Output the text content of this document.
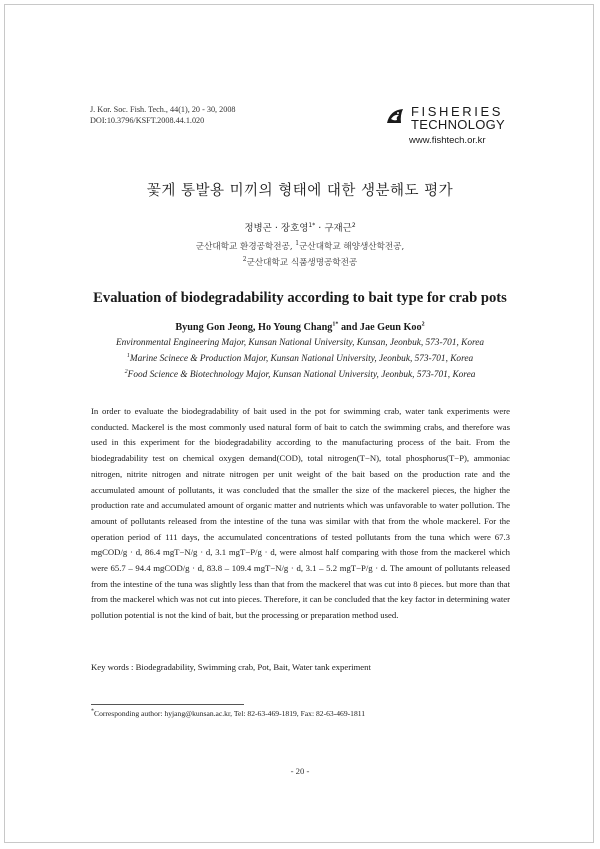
J. Kor. Soc. Fish. Tech., 44(1), 20 - 30, 2008
DOI:10.3796/KSFT.2008.44.1.020
FISHERIES
TECHNOLOGY
www.fishtech.or.kr
꽃게 통발용 미끼의 형태에 대한 생분해도 평가
정병곤 · 장호영$^{1*}$ · 구재근$^2$
군산대학교 환경공학전공, $^1$군산대학교 해양생산학전공,
$^2$군산대학교 식품생명공학전공
Evaluation of biodegradability according to bait type for crab pots
Byung Gon Jeong, Ho Young Chang$^{1*}$ and Jae Geun Koo$^2$
Environmental Engineering Major, Kunsan National University, Kunsan, Jeonbuk, 573-701, Korea
$^1$Marine Scinece & Production Major, Kunsan National University, Jeonbuk, 573-701, Korea
$^2$Food Science & Biotechnology Major, Kunsan National University, Jeonbuk, 573-701, Korea
In order to evaluate the biodegradability of bait used in the pot for swimming crab, water tank experiments were conducted. Mackerel is the most commonly used natural form of bait to catch the swimming crabs, and therefore was used in this experiment for the biodegradability according to the manufacturing process of the bait. From the biodegradability test on chemical oxygen demand(COD), total nitrogen(T−N), total phosphorus(T−P), ammoniac nitrogen, nitrite nitrogen and nitrate nitrogen per unit weight of the bait based on the production rate and the accumulated amount of pollutants, it was concluded that the smaller the size of the mackerel pieces, the higher the production rate and accumulated amount of organic matter and nutrients which was unfavorable to water pollution. The amount of pollutants released from the intestine of the tuna was similar with that from the whole mackerel. For the operation period of 111 days, the accumulated concentrations of tested pollutants from the tuna which were 67.3 mgCOD/g · d, 86.4 mgT−N/g · d, 3.1 mgT−P/g · d, were almost half comparing with those from the mackerel which were 65.7 – 94.4 mgCOD/g · d, 83.8 – 109.4 mgT−N/g · d, 3.1 – 5.2 mgT−P/g · d. The amount of pollutants released from the intestine of the tuna was slightly less than that from the mackerel that was cut into 8 pieces. but more than that from the mackerel which was not cut into pieces. Therefore, it can be concluded that the key factor in determining water pollution potential is not the kind of bait, but the processing or preparation method used.
Key words : Biodegradability, Swimming crab, Pot, Bait, Water tank experiment
*Corresponding author: hyjang@kunsan.ac.kr, Tel: 82-63-469-1819, Fax: 82-63-469-1811
- 20 -
